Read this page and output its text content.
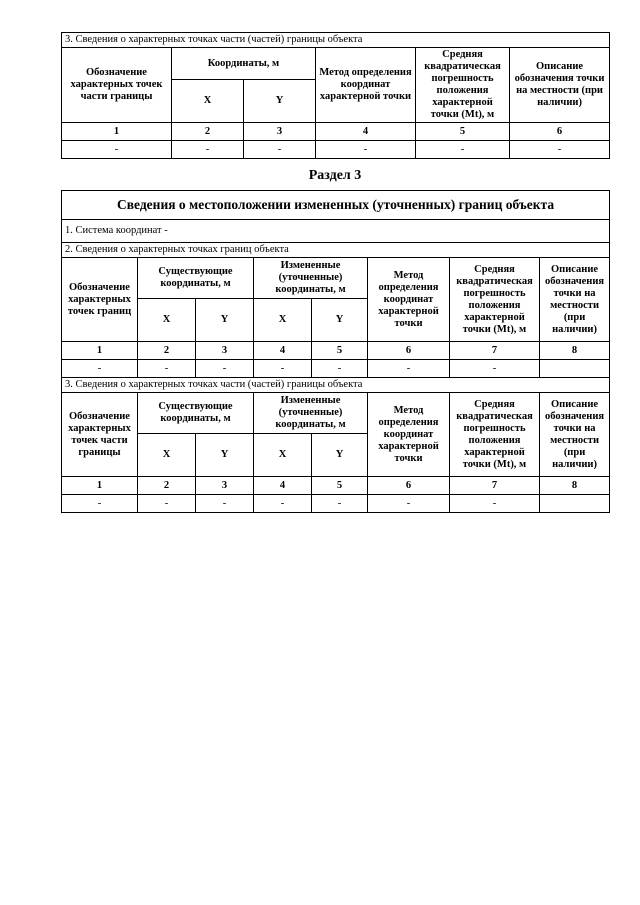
3. Сведения о характерных точках части (частей) границы объекта					
Обозначение характерных точек части границы	Координаты, м		Метод определения координат характерной точки	Средняя квадратическая погрешность положения характерной точки (Mt), м	Описание обозначения точки на местности (при наличии)
	X	Y			
1	2	3	4	5	6
-	-	-	-	-	-
Раздел 3
Сведения о местоположении измененных (уточненных) границ объекта							
1. Система координат -							
2. Сведения о характерных точках границ объекта							
Обозначение характерных точек границ	Существующие координаты, м		Измененные (уточненные) координаты, м		Метод определения координат характерной точки	Средняя квадратическая погрешность положения характерной точки (Mt), м	Описание обозначения точки на местности (при наличии)
	X	Y	X	Y			
1	2	3	4	5	6	7	8
-	-	-	-	-	-	-	
3. Сведения о характерных точках части (частей) границы объекта							
Обозначение характерных точек части границы	Существующие координаты, м		Измененные (уточненные) координаты, м		Метод определения координат характерной точки	Средняя квадратическая погрешность положения характерной точки (Mt), м	Описание обозначения точки на местности (при наличии)
	X	Y	X	Y			
1	2	3	4	5	6	7	8
-	-	-	-	-	-	-	
